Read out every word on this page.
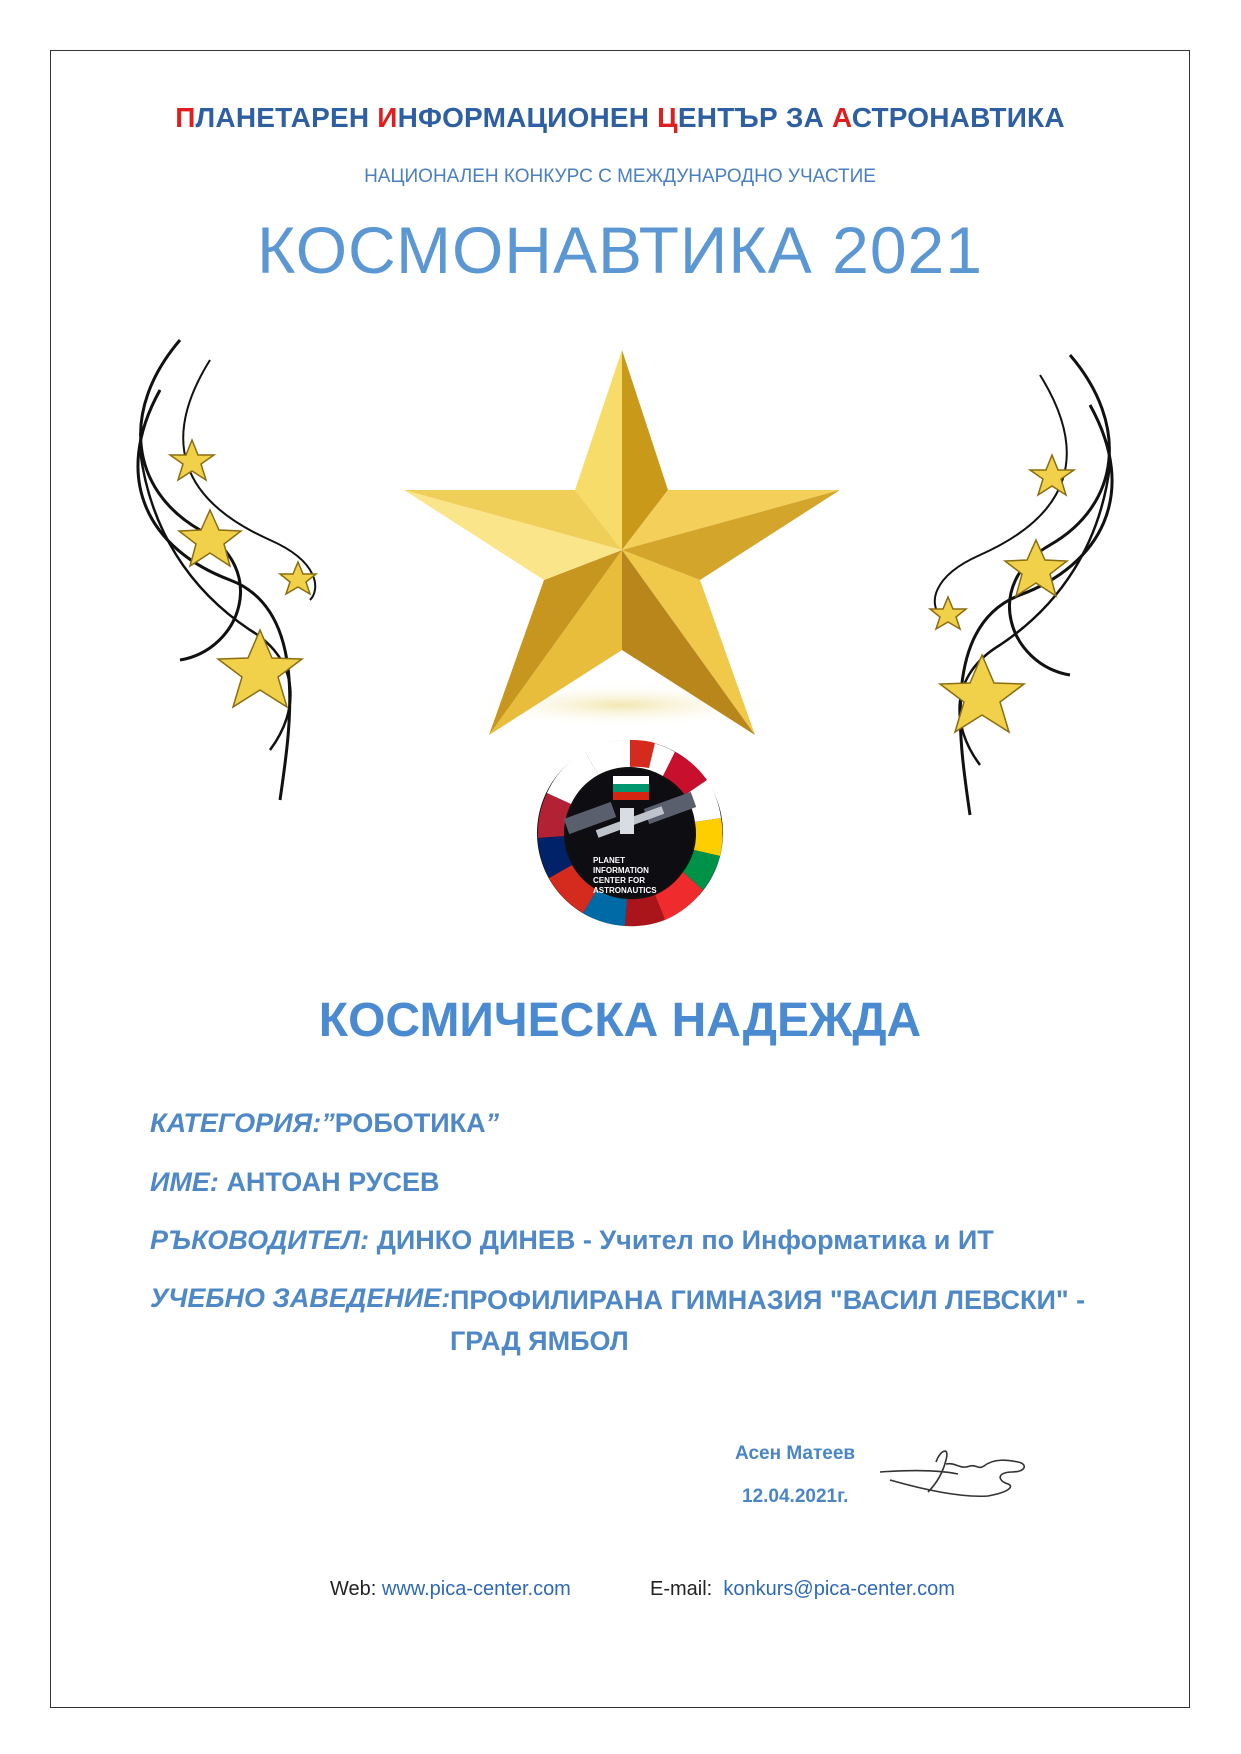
ПЛАНЕТАРЕН ИНФОРМАЦИОНЕН ЦЕНТЪР ЗА АСТРОНАВТИКА
НАЦИОНАЛЕН КОНКУРС С МЕЖДУНАРОДНО УЧАСТИЕ
КОСМОНАВТИКА 2021
PLANET
INFORMATION
CENTER FOR
ASTRONAUTICS
КОСМИЧЕСКА НАДЕЖДА
КАТЕГОРИЯ:”РОБОТИКА”
ИМЕ: АНТОАН РУСЕВ
РЪКОВОДИТЕЛ: ДИНКО ДИНЕВ - Учител по Информатика и ИТ
УЧЕБНО ЗАВЕДЕНИЕ: ПРОФИЛИРАНА ГИМНАЗИЯ "ВАСИЛ ЛЕВСКИ" -
ГРАД ЯМБОЛ
Асен Матеев
12.04.2021г.
Web: www.pica-center.com	E-mail: konkurs@pica-center.com
